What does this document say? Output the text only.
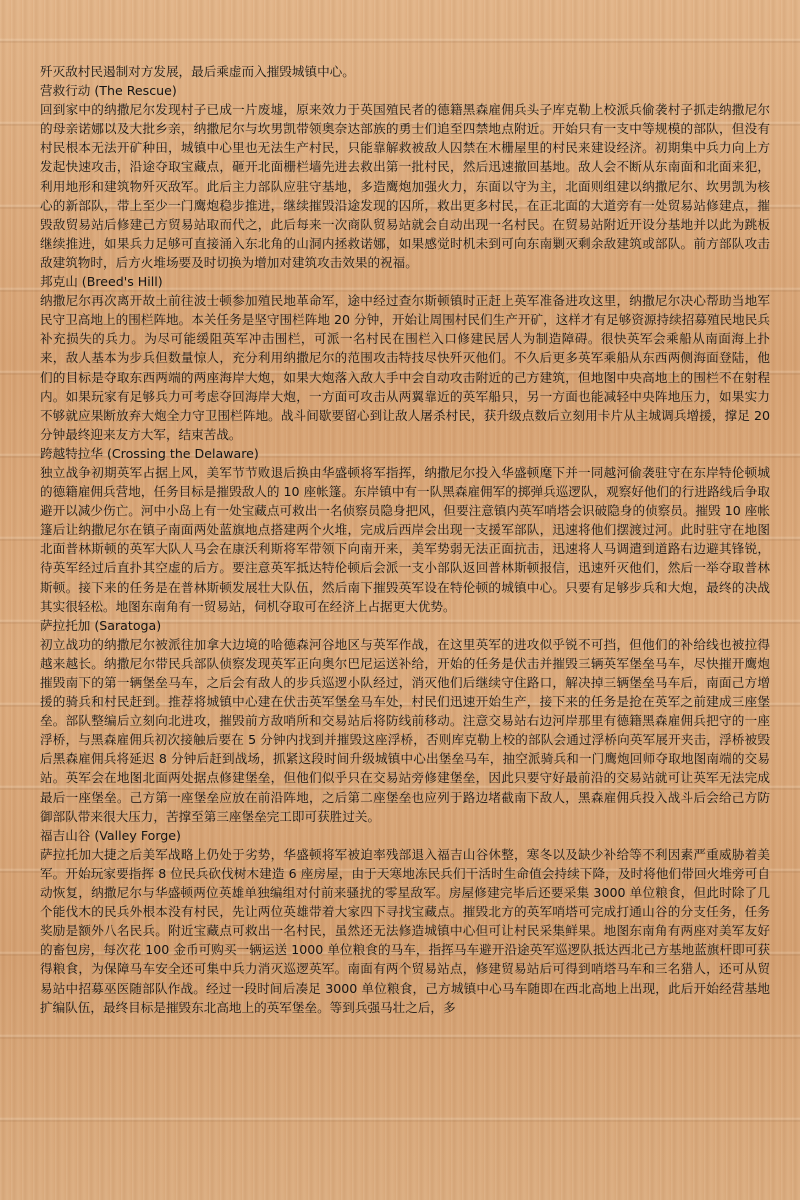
歼灭敌村民遏制对方发展，最后乘虚而入摧毁城镇中心。

营救行动 (The Rescue)

回到家中的纳撒尼尔发现村子已成一片废墟，原来效力于英国殖民者的德籍黑森雇佣兵头子库克勒上校派兵偷袭村子抓走纳撒尼尔的母亲诺娜以及大批乡亲，纳撒尼尔与坎男凯带领奥奈达部族的勇士们追至四禁地点附近。开始只有一支中等规模的部队，但没有村民根本无法开矿种田，城镇中心里也无法生产村民，只能靠解救被敌人囚禁在木栅屋里的村民来建设经济。初期集中兵力向上方发起快速攻击，沿途夺取宝藏点，砸开北面栅栏墙先进去救出第一批村民，然后迅速撤回基地。敌人会不断从东南面和北面来犯，利用地形和建筑物歼灭敌军。此后主力部队应驻守基地，多造鹰炮加强火力，东面以守为主，北面则组建以纳撒尼尔、坎男凯为核心的新部队，带上至少一门鹰炮稳步推进，继续摧毁沿途发现的囚所，救出更多村民，在正北面的大道旁有一处贸易站修建点，摧毁敌贸易站后修建己方贸易站取而代之，此后每来一次商队贸易站就会自动出现一名村民。在贸易站附近开设分基地并以此为跳板继续推进，如果兵力足够可直接涌入东北角的山洞内拯救诺娜，如果感觉时机未到可向东南剿灭剩余敌建筑或部队。前方部队攻击敌建筑物时，后方火堆场要及时切换为增加对建筑攻击效果的祝福。

邦克山 (Breed's Hill)

纳撒尼尔再次离开故土前往波士顿参加殖民地革命军，途中经过查尔斯顿镇时正赶上英军准备进攻这里，纳撒尼尔决心帮助当地军民守卫高地上的围栏阵地。本关任务是坚守围栏阵地 20 分钟，开始让周围村民们生产开矿，这样才有足够资源持续招募殖民地民兵补充损失的兵力。为尽可能缓阻英军冲击围栏，可派一名村民在围栏入口修建民居人为制造障碍。很快英军会乘船从南面海上扑来，敌人基本为步兵但数量惊人，充分利用纳撒尼尔的范围攻击特技尽快歼灭他们。不久后更多英军乘船从东西两侧海面登陆，他们的目标是夺取东西两端的两座海岸大炮，如果大炮落入敌人手中会自动攻击附近的己方建筑，但地图中央高地上的围栏不在射程内。如果玩家有足够兵力可考虑夺回海岸大炮，一方面可攻击从两翼靠近的英军船只，另一方面也能减轻中央阵地压力，如果实力不够就应果断放弃大炮全力守卫围栏阵地。战斗间歇要留心到让敌人屠杀村民，获升级点数后立刻用卡片从主城调兵增援，撑足 20 分钟最终迎来友方大军，结束苦战。

跨越特拉华 (Crossing the Delaware)

独立战争初期英军占据上风，美军节节败退后换由华盛顿将军指挥，纳撒尼尔投入华盛顿麾下并一同越河偷袭驻守在东岸特伦顿城的德籍雇佣兵营地，任务目标是摧毁敌人的 10 座帐篷。东岸镇中有一队黑森雇佣军的掷弹兵巡逻队，观察好他们的行进路线后争取避开以减少伤亡。河中小岛上有一处宝藏点可救出一名侦察员隐身把风，但要注意镇内英军哨塔会识破隐身的侦察员。摧毁 10 座帐篷后让纳撒尼尔在镇子南面两处蓝旗地点搭建两个火堆，完成后西岸会出现一支援军部队，迅速将他们摆渡过河。此时驻守在地图北面普林斯顿的英军大队人马会在康沃利斯将军带领下向南开来，美军势弱无法正面抗击，迅速将人马调遣到道路右边避其锋锐，待英军经过后直扑其空虚的后方。要注意英军抵达特伦顿后会派一支小部队返回普林斯顿报信，迅速歼灭他们，然后一举夺取普林斯顿。接下来的任务是在普林斯顿发展壮大队伍，然后南下摧毁英军设在特伦顿的城镇中心。只要有足够步兵和大炮，最终的决战其实很轻松。地图东南角有一贸易站，伺机夺取可在经济上占据更大优势。

萨拉托加 (Saratoga)

初立战功的纳撒尼尔被派往加拿大边境的哈德森河谷地区与英军作战，在这里英军的进攻似乎锐不可挡，但他们的补给线也被拉得越来越长。纳撒尼尔带民兵部队侦察发现英军正向奥尔巴尼运送补给，开始的任务是伏击并摧毁三辆英军堡垒马车，尽快摧开鹰炮摧毁南下的第一辆堡垒马车，之后会有敌人的步兵巡逻小队经过，消灭他们后继续守住路口，解决掉三辆堡垒马车后，南面己方增援的骑兵和村民赶到。推荐将城镇中心建在伏击英军堡垒马车处，村民们迅速开始生产，接下来的任务是抢在英军之前建成三座堡垒。部队整编后立刻向北进攻，摧毁前方敌哨所和交易站后将防线前移动。注意交易站右边河岸那里有德籍黑森雇佣兵把守的一座浮桥，与黑森雇佣兵初次接触后要在 5 分钟内找到并摧毁这座浮桥，否则库克勒上校的部队会通过浮桥向英军展开夹击，浮桥被毁后黑森雇佣兵将延迟 8 分钟后赶到战场，抓紧这段时间升级城镇中心出堡垒马车，抽空派骑兵和一门鹰炮回师夺取地图南端的交易站。英军会在地图北面两处据点修建堡垒，但他们似乎只在交易站旁修建堡垒，因此只要守好最前沿的交易站就可让英军无法完成最后一座堡垒。己方第一座堡垒应放在前沿阵地，之后第二座堡垒也应列于路边堵截南下敌人，黑森雇佣兵投入战斗后会给己方防御部队带来很大压力，苦撑至第三座堡垒完工即可获胜过关。

福吉山谷 (Valley Forge)

萨拉托加大捷之后美军战略上仍处于劣势，华盛顿将军被迫率残部退入福吉山谷休整，寒冬以及缺少补给等不利因素严重威胁着美军。开始玩家要指挥 8 位民兵砍伐树木建造 6 座房屋，由于天寒地冻民兵们干活时生命值会持续下降，及时将他们带回火堆旁可自动恢复，纳撒尼尔与华盛顿两位英雄单独编组对付前来骚扰的零星敌军。房屋修建完毕后还要采集 3000 单位粮食，但此时除了几个能伐木的民兵外根本没有村民，先让两位英雄带着大家四下寻找宝藏点。摧毁北方的英军哨塔可完成打通山谷的分支任务，任务奖励是额外八名民兵。附近宝藏点可救出一名村民，虽然还无法修造城镇中心但可让村民采集鲜果。地图东南角有两座对美军友好的畜包房，每次花 100 金币可购买一辆运送 1000 单位粮食的马车，指挥马车避开沿途英军巡逻队抵达西北己方基地蓝旗杆即可获得粮食，为保障马车安全还可集中兵力消灭巡逻英军。南面有两个贸易站点，修建贸易站后可得到哨塔马车和三名猎人，还可从贸易站中招募巫医随部队作战。经过一段时间后凑足 3000 单位粮食，己方城镇中心马车随即在西北高地上出现，此后开始经营基地扩编队伍，最终目标是摧毁东北高地上的英军堡垒。等到兵强马壮之后，多
